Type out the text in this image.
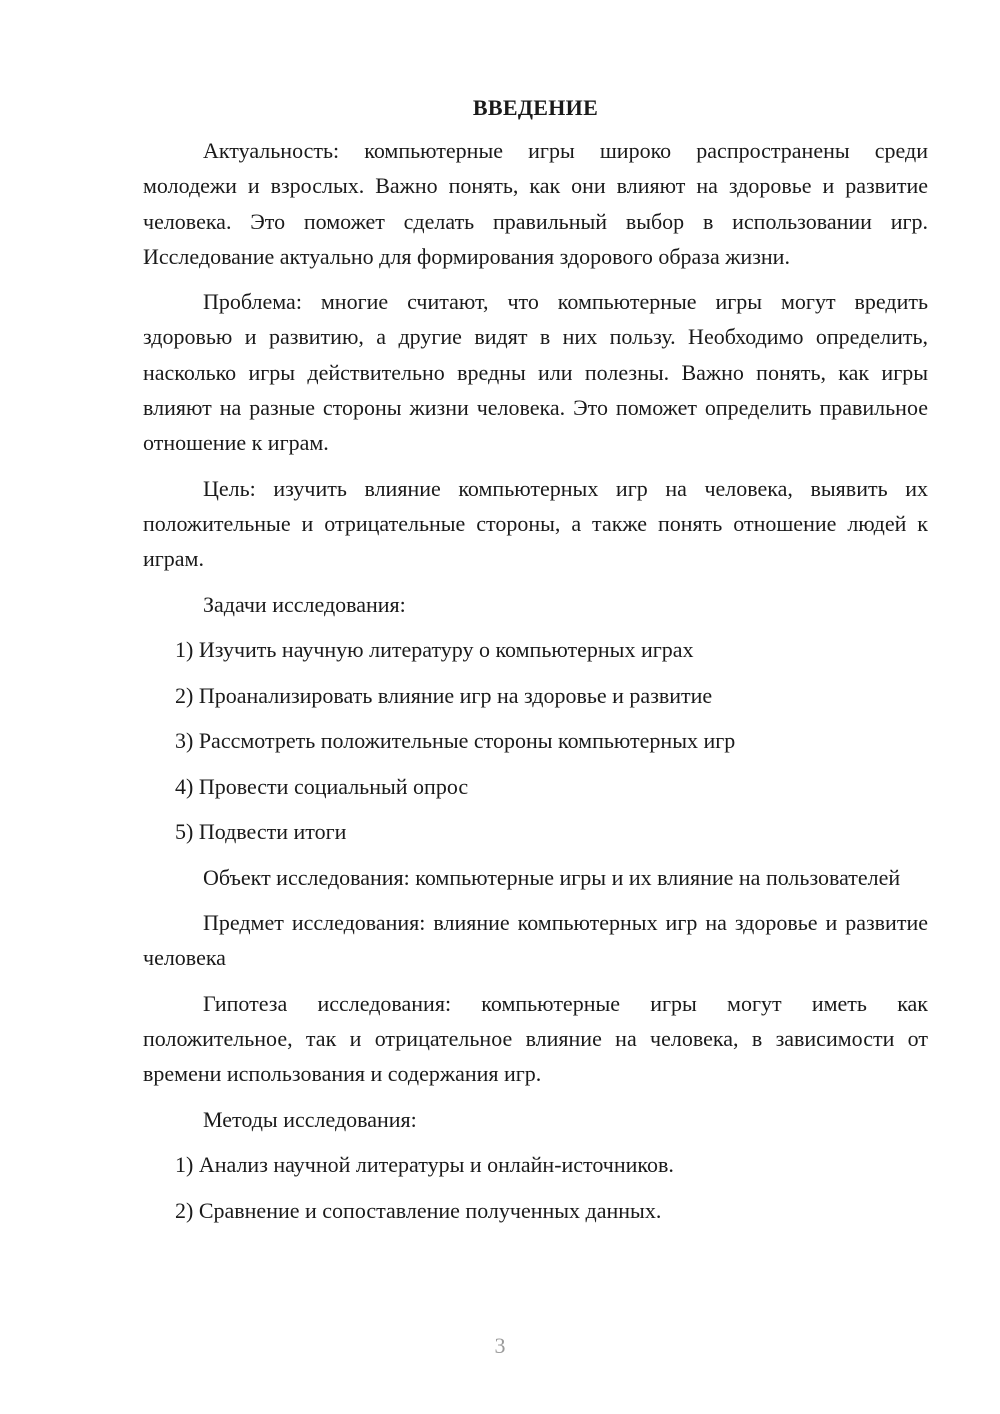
ВВЕДЕНИЕ

Актуальность: компьютерные игры широко распространены среди молодежи и взрослых. Важно понять, как они влияют на здоровье и развитие человека. Это поможет сделать правильный выбор в использовании игр. Исследование актуально для формирования здорового образа жизни.

Проблема: многие считают, что компьютерные игры могут вредить здоровью и развитию, а другие видят в них пользу. Необходимо определить, насколько игры действительно вредны или полезны. Важно понять, как игры влияют на разные стороны жизни человека. Это поможет определить правильное отношение к играм.

Цель: изучить влияние компьютерных игр на человека, выявить их положительные и отрицательные стороны, а также понять отношение людей к играм.

Задачи исследования:
1) Изучить научную литературу о компьютерных играх
2) Проанализировать влияние игр на здоровье и развитие
3) Рассмотреть положительные стороны компьютерных игр
4) Провести социальный опрос
5) Подвести итоги

Объект исследования: компьютерные игры и их влияние на пользователей

Предмет исследования: влияние компьютерных игр на здоровье и развитие человека

Гипотеза исследования: компьютерные игры могут иметь как положительное, так и отрицательное влияние на человека, в зависимости от времени использования и содержания игр.

Методы исследования:
1) Анализ научной литературы и онлайн-источников.
2) Сравнение и сопоставление полученных данных.
3
